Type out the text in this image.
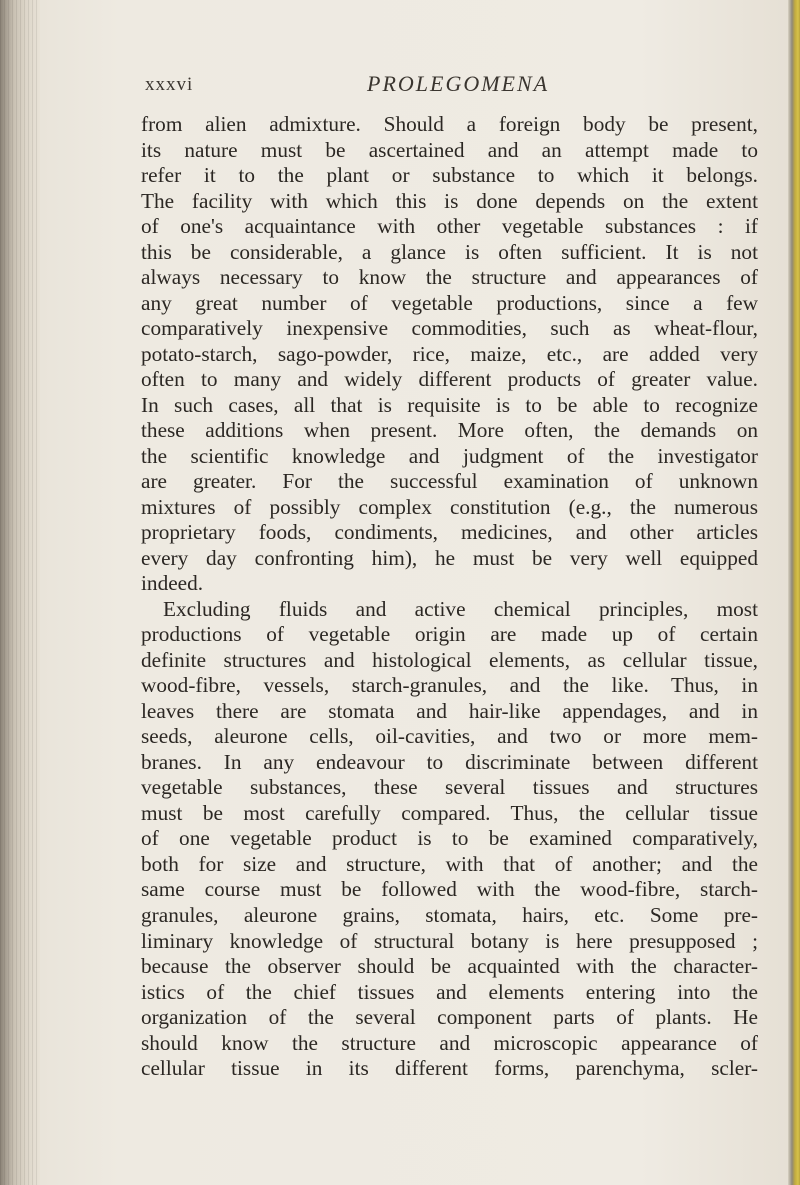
xxxvi	PROLEGOMENA
from alien admixture. Should a foreign body be present,
its nature must be ascertained and an attempt made to
refer it to the plant or substance to which it belongs.
The facility with which this is done depends on the extent
of one's acquaintance with other vegetable substances : if
this be considerable, a glance is often sufficient. It is not
always necessary to know the structure and appearances of
any great number of vegetable productions, since a few
comparatively inexpensive commodities, such as wheat-flour,
potato-starch, sago-powder, rice, maize, etc., are added very
often to many and widely different products of greater value.
In such cases, all that is requisite is to be able to recognize
these additions when present. More often, the demands on
the scientific knowledge and judgment of the investigator
are greater. For the successful examination of unknown
mixtures of possibly complex constitution (e.g., the numerous
proprietary foods, condiments, medicines, and other articles
every day confronting him), he must be very well equipped
indeed.
Excluding fluids and active chemical principles, most
productions of vegetable origin are made up of certain
definite structures and histological elements, as cellular tissue,
wood-fibre, vessels, starch-granules, and the like. Thus, in
leaves there are stomata and hair-like appendages, and in
seeds, aleurone cells, oil-cavities, and two or more mem-
branes. In any endeavour to discriminate between different
vegetable substances, these several tissues and structures
must be most carefully compared. Thus, the cellular tissue
of one vegetable product is to be examined comparatively,
both for size and structure, with that of another; and the
same course must be followed with the wood-fibre, starch-
granules, aleurone grains, stomata, hairs, etc. Some pre-
liminary knowledge of structural botany is here presupposed ;
because the observer should be acquainted with the character-
istics of the chief tissues and elements entering into the
organization of the several component parts of plants. He
should know the structure and microscopic appearance of
cellular tissue in its different forms, parenchyma, scler-
